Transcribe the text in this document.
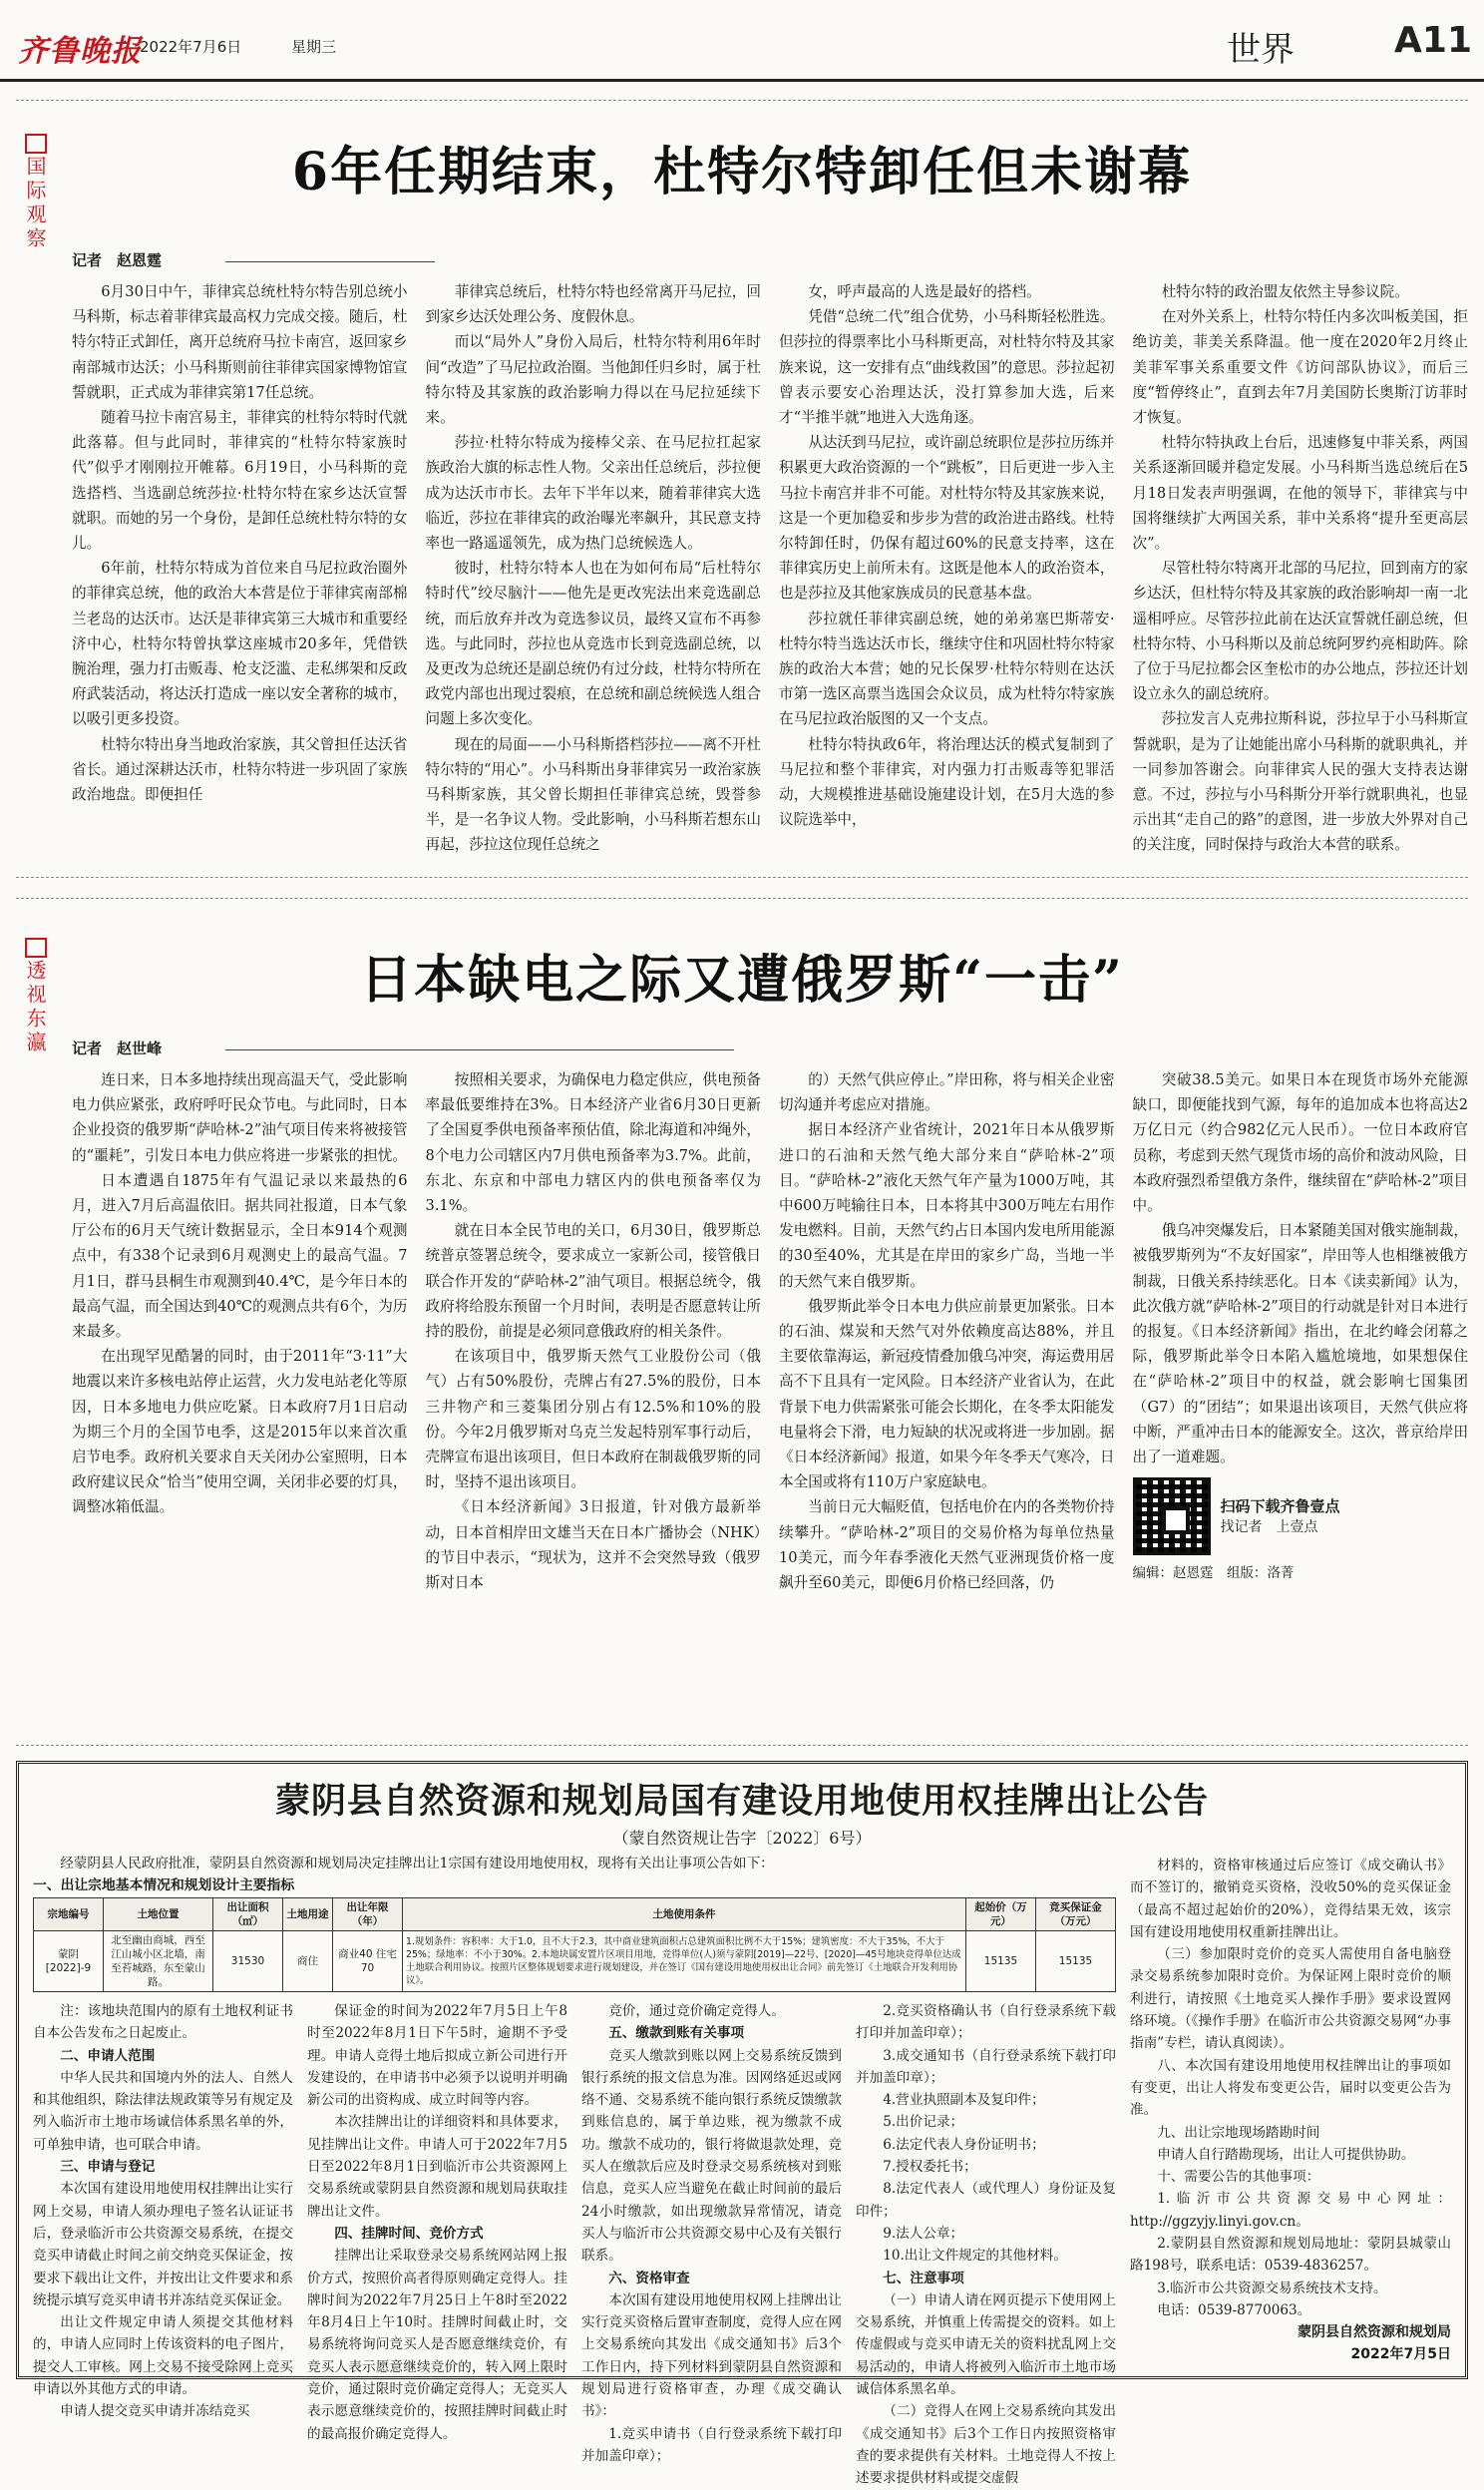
齐鲁晚报
2022年7月6日	星期三	世界	A11
国际观察	6年任期结束，杜特尔特卸任但未谢幕
记者　赵恩霆

6月30日中午，菲律宾总统杜特尔特告别总统小马科斯，标志着菲律宾最高权力完成交接。随后，杜特尔特正式卸任，离开总统府马拉卡南宫，返回家乡南部城市达沃；小马科斯则前往菲律宾国家博物馆宣誓就职，正式成为菲律宾第17任总统。

随着马拉卡南宫易主，菲律宾的杜特尔特时代就此落幕。但与此同时，菲律宾的“杜特尔特家族时代”似乎才刚刚拉开帷幕。6月19日，小马科斯的竞选搭档、当选副总统莎拉·杜特尔特在家乡达沃宣誓就职。而她的另一个身份，是卸任总统杜特尔特的女儿。

6年前，杜特尔特成为首位来自马尼拉政治圈外的菲律宾总统，他的政治大本营是位于菲律宾南部棉兰老岛的达沃市。达沃是菲律宾第三大城市和重要经济中心，杜特尔特曾执掌这座城市20多年，凭借铁腕治理，强力打击贩毒、枪支泛滥、走私绑架和反政府武装活动，将达沃打造成一座以安全著称的城市，以吸引更多投资。

杜特尔特出身当地政治家族，其父曾担任达沃省省长。通过深耕达沃市，杜特尔特进一步巩固了家族政治地盘。即便担任

菲律宾总统后，杜特尔特也经常离开马尼拉，回到家乡达沃处理公务、度假休息。

而以“局外人”身份入局后，杜特尔特利用6年时间“改造”了马尼拉政治圈。当他卸任归乡时，属于杜特尔特及其家族的政治影响力得以在马尼拉延续下来。

莎拉·杜特尔特成为接棒父亲、在马尼拉扛起家族政治大旗的标志性人物。父亲出任总统后，莎拉便成为达沃市市长。去年下半年以来，随着菲律宾大选临近，莎拉在菲律宾的政治曝光率飙升，其民意支持率也一路遥遥领先，成为热门总统候选人。

彼时，杜特尔特本人也在为如何布局“后杜特尔特时代”绞尽脑汁——他先是更改宪法出来竞选副总统，而后放弃并改为竞选参议员，最终又宣布不再参选。与此同时，莎拉也从竞选市长到竞选副总统，以及更改为总统还是副总统仍有过分歧，杜特尔特所在政党内部也出现过裂痕，在总统和副总统候选人组合问题上多次变化。

现在的局面——小马科斯搭档莎拉——离不开杜特尔特的“用心”。小马科斯出身菲律宾另一政治家族马科斯家族，其父曾长期担任菲律宾总统，毁誉参半，是一名争议人物。受此影响，小马科斯若想东山再起，莎拉这位现任总统之

女，呼声最高的人选是最好的搭档。

凭借“总统二代”组合优势，小马科斯轻松胜选。但莎拉的得票率比小马科斯更高，对杜特尔特及其家族来说，这一安排有点“曲线救国”的意思。莎拉起初曾表示要安心治理达沃，没打算参加大选，后来才“半推半就”地进入大选角逐。

从达沃到马尼拉，或许副总统职位是莎拉历练并积累更大政治资源的一个“跳板”，日后更进一步入主马拉卡南宫并非不可能。对杜特尔特及其家族来说，这是一个更加稳妥和步步为营的政治进击路线。杜特尔特卸任时，仍保有超过60%的民意支持率，这在菲律宾历史上前所未有。这既是他本人的政治资本，也是莎拉及其他家族成员的民意基本盘。

莎拉就任菲律宾副总统，她的弟弟塞巴斯蒂安·杜特尔特当选达沃市长，继续守住和巩固杜特尔特家族的政治大本营；她的兄长保罗·杜特尔特则在达沃市第一选区高票当选国会众议员，成为杜特尔特家族在马尼拉政治版图的又一个支点。

杜特尔特执政6年，将治理达沃的模式复制到了马尼拉和整个菲律宾，对内强力打击贩毒等犯罪活动，大规模推进基础设施建设计划，在5月大选的参议院选举中，

杜特尔特的政治盟友依然主导参议院。

在对外关系上，杜特尔特任内多次叫板美国，拒绝访美，菲美关系降温。他一度在2020年2月终止美菲军事关系重要文件《访问部队协议》，而后三度“暂停终止”，直到去年7月美国防长奥斯汀访菲时才恢复。

杜特尔特执政上台后，迅速修复中菲关系，两国关系逐渐回暖并稳定发展。小马科斯当选总统后在5月18日发表声明强调，在他的领导下，菲律宾与中国将继续扩大两国关系，菲中关系将“提升至更高层次”。

尽管杜特尔特离开北部的马尼拉，回到南方的家乡达沃，但杜特尔特及其家族的政治影响却一南一北遥相呼应。尽管莎拉此前在达沃宣誓就任副总统，但杜特尔特、小马科斯以及前总统阿罗约亮相助阵。除了位于马尼拉都会区奎松市的办公地点，莎拉还计划设立永久的副总统府。

莎拉发言人克弗拉斯科说，莎拉早于小马科斯宣誓就职，是为了让她能出席小马科斯的就职典礼，并一同参加答谢会。向菲律宾人民的强大支持表达谢意。不过，莎拉与小马科斯分开举行就职典礼，也显示出其“走自己的路”的意图，进一步放大外界对自己的关注度，同时保持与政治大本营的联系。

透视东瀛	日本缺电之际又遭俄罗斯“一击”
记者　赵世峰

连日来，日本多地持续出现高温天气，受此影响电力供应紧张，政府呼吁民众节电。与此同时，日本企业投资的俄罗斯“萨哈林-2”油气项目传来将被接管的“噩耗”，引发日本电力供应将进一步紧张的担忧。

日本遭遇自1875年有气温记录以来最热的6月，进入7月后高温依旧。据共同社报道，日本气象厅公布的6月天气统计数据显示，全日本914个观测点中，有338个记录到6月观测史上的最高气温。7月1日，群马县桐生市观测到40.4℃，是今年日本的最高气温，而全国达到40℃的观测点共有6个，为历来最多。

在出现罕见酷暑的同时，由于2011年“3·11”大地震以来许多核电站停止运营，火力发电站老化等原因，日本多地电力供应吃紧。日本政府7月1日启动为期三个月的全国节电季，这是2015年以来首次重启节电季。政府机关要求自天关闭办公室照明，日本政府建议民众“恰当”使用空调，关闭非必要的灯具，调整冰箱低温。

按照相关要求，为确保电力稳定供应，供电预备率最低要维持在3%。日本经济产业省6月30日更新了全国夏季供电预备率预估值，除北海道和冲绳外，8个电力公司辖区内7月供电预备率为3.7%。此前，东北、东京和中部电力辖区内的供电预备率仅为3.1%。

就在日本全民节电的关口，6月30日，俄罗斯总统普京签署总统令，要求成立一家新公司，接管俄日联合作开发的“萨哈林-2”油气项目。根据总统令，俄政府将给股东预留一个月时间，表明是否愿意转让所持的股份，前提是必须同意俄政府的相关条件。

在该项目中，俄罗斯天然气工业股份公司（俄气）占有50%股份，壳牌占有27.5%的股份，日本三井物产和三菱集团分别占有12.5%和10%的股份。今年2月俄罗斯对乌克兰发起特别军事行动后，壳牌宣布退出该项目，但日本政府在制裁俄罗斯的同时，坚持不退出该项目。

《日本经济新闻》3日报道，针对俄方最新举动，日本首相岸田文雄当天在日本广播协会（NHK）的节目中表示，“现状为，这并不会突然导致（俄罗斯对日本

的）天然气供应停止。”岸田称，将与相关企业密切沟通并考虑应对措施。

据日本经济产业省统计，2021年日本从俄罗斯进口的石油和天然气绝大部分来自“萨哈林-2”项目。“萨哈林-2”液化天然气年产量为1000万吨，其中600万吨输往日本，日本将其中300万吨左右用作发电燃料。目前，天然气约占日本国内发电所用能源的30至40%，尤其是在岸田的家乡广岛，当地一半的天然气来自俄罗斯。

俄罗斯此举令日本电力供应前景更加紧张。日本的石油、煤炭和天然气对外依赖度高达88%，并且主要依靠海运，新冠疫情叠加俄乌冲突，海运费用居高不下且具有一定风险。日本经济产业省认为，在此背景下电力供需紧张可能会长期化，在冬季太阳能发电量将会下滑，电力短缺的状况或将进一步加剧。据《日本经济新闻》报道，如果今年冬季天气寒冷，日本全国或将有110万户家庭缺电。

当前日元大幅贬值，包括电价在内的各类物价持续攀升。“萨哈林-2”项目的交易价格为每单位热量10美元，而今年春季液化天然气亚洲现货价格一度飙升至60美元，即便6月价格已经回落，仍

突破38.5美元。如果日本在现货市场外充能源缺口，即便能找到气源，每年的追加成本也将高达2万亿日元（约合982亿元人民币）。一位日本政府官员称，考虑到天然气现货市场的高价和波动风险，日本政府强烈希望俄方条件，继续留在“萨哈林-2”项目中。

俄乌冲突爆发后，日本紧随美国对俄实施制裁，被俄罗斯列为“不友好国家”，岸田等人也相继被俄方制裁，日俄关系持续恶化。日本《读卖新闻》认为，此次俄方就“萨哈林-2”项目的行动就是针对日本进行的报复。《日本经济新闻》指出，在北约峰会闭幕之际，俄罗斯此举令日本陷入尴尬境地，如果想保住在“萨哈林-2”项目中的权益，就会影响七国集团（G7）的“团结”；如果退出该项目，天然气供应将中断，严重冲击日本的能源安全。这次，普京给岸田出了一道难题。

扫码下载齐鲁壹点
找记者　上壹点
编辑：赵恩霆　组版：洛菁
蒙阴县自然资源和规划局国有建设用地使用权挂牌出让公告
（蒙自然资规让告字〔2022〕6号）

经蒙阴县人民政府批准，蒙阴县自然资源和规划局决定挂牌出让1宗国有建设用地使用权，现将有关出让事项公告如下：

一、出让宗地基本情况和规划设计主要指标
宗地编号	土地位置	出让面积（㎡）	土地用途	出让年限（年）	土地使用条件	起始价（万元）	竞买保证金（万元）
蒙阴[2022]-9	北至幽由商城，西至江山城小区北墙，南至苔城路，东至蒙山路。	31530	商住	商业40 住宅70	1.规划条件：容积率：大于1.0，且不大于2.3，其中商业建筑面积占总建筑面积比例不大于15%；建筑密度：不大于35%，不大于25%；绿地率：不小于30%。2.本地块属安置片区项目用地，竞得单位(人)须与蒙阴[2019]—22号、[2020]—45号地块竞得单位达成土地联合利用协议。按照片区整体规划要求进行规划建设，并在签订《国有建设用地使用权出让合同》前先签订《土地联合开发利用协议》。	15135	15135

注：该地块范围内的原有土地权利证书自本公告发布之日起废止。

二、申请人范围

中华人民共和国境内外的法人、自然人和其他组织，除法律法规政策等另有规定及列入临沂市土地市场诚信体系黑名单的外，可单独申请，也可联合申请。

三、申请与登记

本次国有建设用地使用权挂牌出让实行网上交易，申请人须办理电子签名认证证书后，登录临沂市公共资源交易系统，在提交竞买申请截止时间之前交纳竞买保证金，按要求下载出让文件，并按出让文件要求和系统提示填写竞买申请书并冻结竞买保证金。

出让文件规定申请人须提交其他材料的，申请人应同时上传该资料的电子图片，提交人工审核。网上交易不接受除网上竞买申请以外其他方式的申请。

申请人提交竞买申请并冻结竞买

保证金的时间为2022年7月5日上午8时至2022年8月1日下午5时，逾期不予受理。申请人竞得土地后拟成立新公司进行开发建设的，在申请书中必须予以说明并明确新公司的出资构成、成立时间等内容。

本次挂牌出让的详细资料和具体要求，见挂牌出让文件。申请人可于2022年7月5日至2022年8月1日到临沂市公共资源网上交易系统或蒙阴县自然资源和规划局获取挂牌出让文件。

四、挂牌时间、竞价方式

挂牌出让采取登录交易系统网站网上报价方式，按照价高者得原则确定竞得人。挂牌时间为2022年7月25日上午8时至2022年8月4日上午10时。挂牌时间截止时，交易系统将询问竞买人是否愿意继续竞价，有竞买人表示愿意继续竞价的，转入网上限时竞价，通过限时竞价确定竞得人；无竞买人表示愿意继续竞价的，按照挂牌时间截止时的最高报价确定竞得人。

竞价，通过竞价确定竞得人。

五、缴款到账有关事项

竞买人缴款到账以网上交易系统反馈到银行系统的报文信息为准。因网络延迟或网络不通、交易系统不能向银行系统反馈缴款到账信息的，属于单边账，视为缴款不成功。缴款不成功的，银行将做退款处理，竞买人在缴款后应及时登录交易系统核对到账信息，竞买人应当避免在截止时间前的最后24小时缴款，如出现缴款异常情况，请竞买人与临沂市公共资源交易中心及有关银行联系。

六、资格审查

本次国有建设用地使用权网上挂牌出让实行竞买资格后置审查制度，竞得人应在网上交易系统向其发出《成交通知书》后3个工作日内，持下列材料到蒙阴县自然资源和规划局进行资格审查，办理《成交确认书》：

1.竞买申请书（自行登录系统下载打印并加盖印章）；

2.竞买资格确认书（自行登录系统下载打印并加盖印章）；

3.成交通知书（自行登录系统下载打印并加盖印章）；

4.营业执照副本及复印件；

5.出价记录；

6.法定代表人身份证明书；

7.授权委托书；

8.法定代表人（或代理人）身份证及复印件；

9.法人公章；

10.出让文件规定的其他材料。

七、注意事项

（一）申请人请在网页提示下使用网上交易系统，并慎重上传需提交的资料。如上传虚假或与竞买申请无关的资料扰乱网上交易活动的，申请人将被列入临沂市土地市场诚信体系黑名单。

（二）竞得人在网上交易系统向其发出《成交通知书》后3个工作日内按照资格审查的要求提供有关材料。土地竞得人不按上述要求提供材料或提交虚假

材料的，资格审核通过后应签订《成交确认书》而不签订的，撤销竞买资格，没收50%的竞买保证金（最高不超过起始价的20%），竞得结果无效，该宗国有建设用地使用权重新挂牌出让。

（三）参加限时竞价的竞买人需使用自备电脑登录交易系统参加限时竞价。为保证网上限时竞价的顺利进行，请按照《土地竞买人操作手册》要求设置网络环境。（《操作手册》在临沂市公共资源交易网“办事指南”专栏，请认真阅读）。

八、本次国有建设用地使用权挂牌出让的事项如有变更，出让人将发布变更公告，届时以变更公告为准。

九、出让宗地现场踏勘时间

申请人自行踏勘现场，出让人可提供协助。

十、需要公告的其他事项：

1.临沂市公共资源交易中心网址：http://ggzyjy.linyi.gov.cn。

2.蒙阴县自然资源和规划局地址：蒙阴县城蒙山路198号，联系电话：0539-4836257。

3.临沂市公共资源交易系统技术支持。

电话：0539-8770063。

蒙阴县自然资源和规划局
2022年7月5日
